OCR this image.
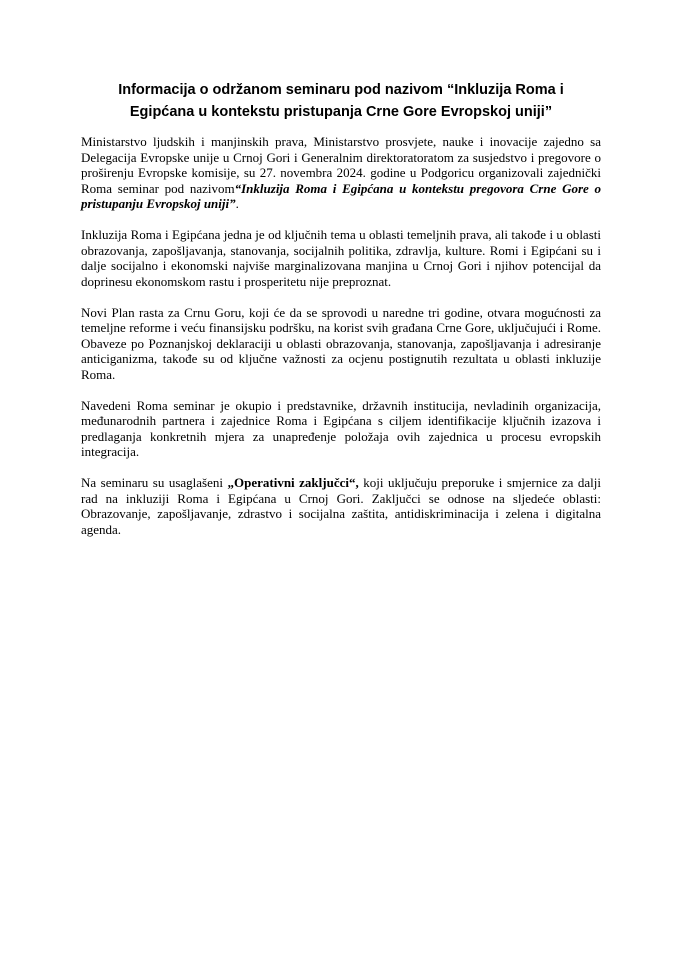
Informacija o održanom seminaru pod nazivom “Inkluzija Roma i
Egipćana u kontekstu pristupanja Crne Gore Evropskoj uniji”

Ministarstvo ljudskih i manjinskih prava, Ministarstvo prosvjete, nauke i inovacije zajedno sa Delegacija Evropske unije u Crnoj Gori i Generalnim direktoratoratom za susjedstvo i pregovore o proširenju Evropske komisije, su 27. novembra 2024. godine u Podgoricu organizovali zajednički Roma seminar pod nazivom“Inkluzija Roma i Egipćana u kontekstu pregovora Crne Gore o pristupanju Evropskoj uniji”.

Inkluzija Roma i Egipćana jedna je od ključnih tema u oblasti temeljnih prava, ali takođe i u oblasti obrazovanja, zapošljavanja, stanovanja, socijalnih politika, zdravlja, kulture. Romi i Egipćani su i dalje socijalno i ekonomski najviše marginalizovana manjina u Crnoj Gori i njihov potencijal da doprinesu ekonomskom rastu i prosperitetu nije preproznat.

Novi Plan rasta za Crnu Goru, koji će da se sprovodi u naredne tri godine, otvara mogućnosti za temeljne reforme i veću finansijsku podršku, na korist svih građana Crne Gore, uključujući i Rome. Obaveze po Poznanjskoj deklaraciji u oblasti obrazovanja, stanovanja, zapošljavanja i adresiranje anticiganizma, takođe su od ključne važnosti za ocjenu postignutih rezultata u oblasti inkluzije Roma.

Navedeni Roma seminar je okupio i predstavnike, državnih institucija, nevladinih organizacija, međunarodnih partnera i zajednice Roma i Egipćana s ciljem identifikacije ključnih izazova i predlaganja konkretnih mjera za unapređenje položaja ovih zajednica u procesu evropskih integracija.

Na seminaru su usaglašeni „Operativni zaključci“, koji uključuju preporuke i smjernice za dalji rad na inkluziji Roma i Egipćana u Crnoj Gori. Zaključci se odnose na sljedeće oblasti: Obrazovanje, zapošljavanje, zdrastvo i socijalna zaštita, antidiskriminacija i zelena i digitalna agenda.
